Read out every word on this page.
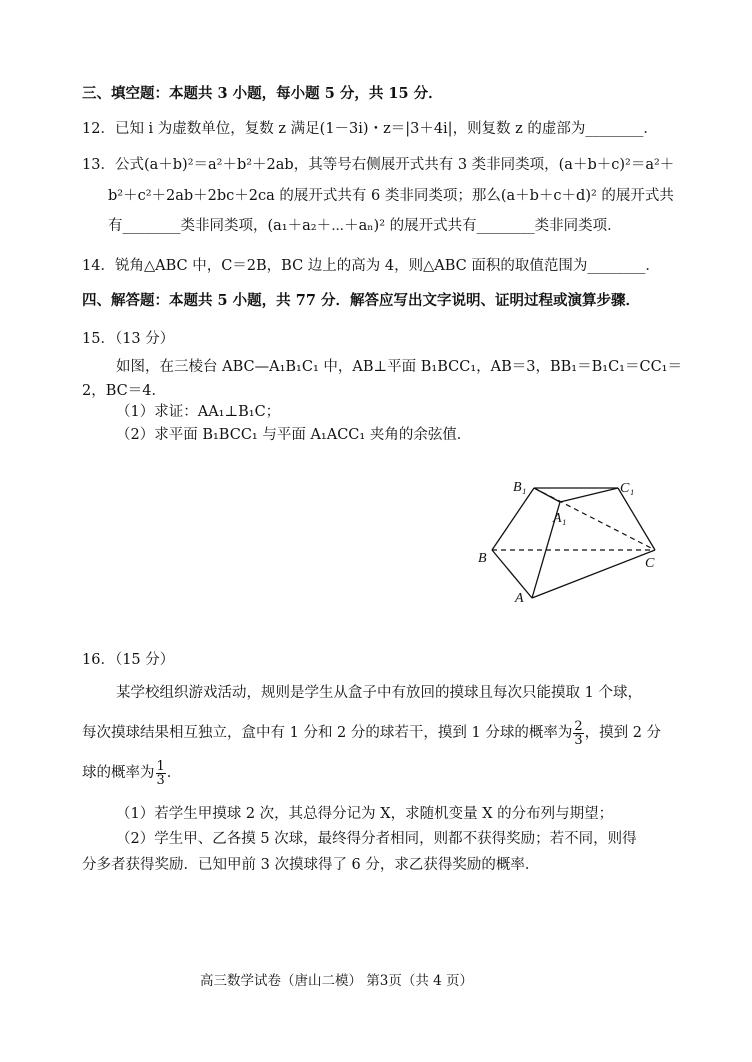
三、填空题：本题共 3 小题，每小题 5 分，共 15 分．
12．已知 i 为虚数单位，复数 z 满足(1－3i)・z＝|3＋4i|，则复数 z 的虚部为________．
13．公式(a＋b)²＝a²＋b²＋2ab，其等号右侧展开式共有 3 类非同类项，(a＋b＋c)²＝a²＋
b²＋c²＋2ab＋2bc＋2ca 的展开式共有 6 类非同类项；那么(a＋b＋c＋d)² 的展开式共
有________类非同类项，(a₁＋a₂＋⋯＋aₙ)² 的展开式共有________类非同类项．
14．锐角△ABC 中，C＝2B，BC 边上的高为 4，则△ABC 面积的取值范围为________．
四、解答题：本题共 5 小题，共 77 分．解答应写出文字说明、证明过程或演算步骤．
15．（13 分）
如图，在三棱台 ABC—A₁B₁C₁ 中，AB⊥平面 B₁BCC₁，AB＝3，BB₁＝B₁C₁＝CC₁＝
2，BC＝4．
（1）求证：AA₁⊥B₁C；
（2）求平面 B₁BCC₁ 与平面 A₁ACC₁ 夹角的余弦值．
B₁	C₁
A₁
B	C
A
16．（15 分）
某学校组织游戏活动，规则是学生从盒子中有放回的摸球且每次只能摸取 1 个球，
每次摸球结果相互独立，盒中有 1 分和 2 分的球若干，摸到 1 分球的概率为 $\frac{2}{3}$ ，摸到 2 分
球的概率为 $\frac{1}{3}$ ．
（1）若学生甲摸球 2 次，其总得分记为 X，求随机变量 X 的分布列与期望；
（2）学生甲、乙各摸 5 次球，最终得分者相同，则都不获得奖励；若不同，则得
分多者获得奖励．已知甲前 3 次摸球得了 6 分，求乙获得奖励的概率．
高三数学试卷（唐山二模） 第3页（共 4 页）
